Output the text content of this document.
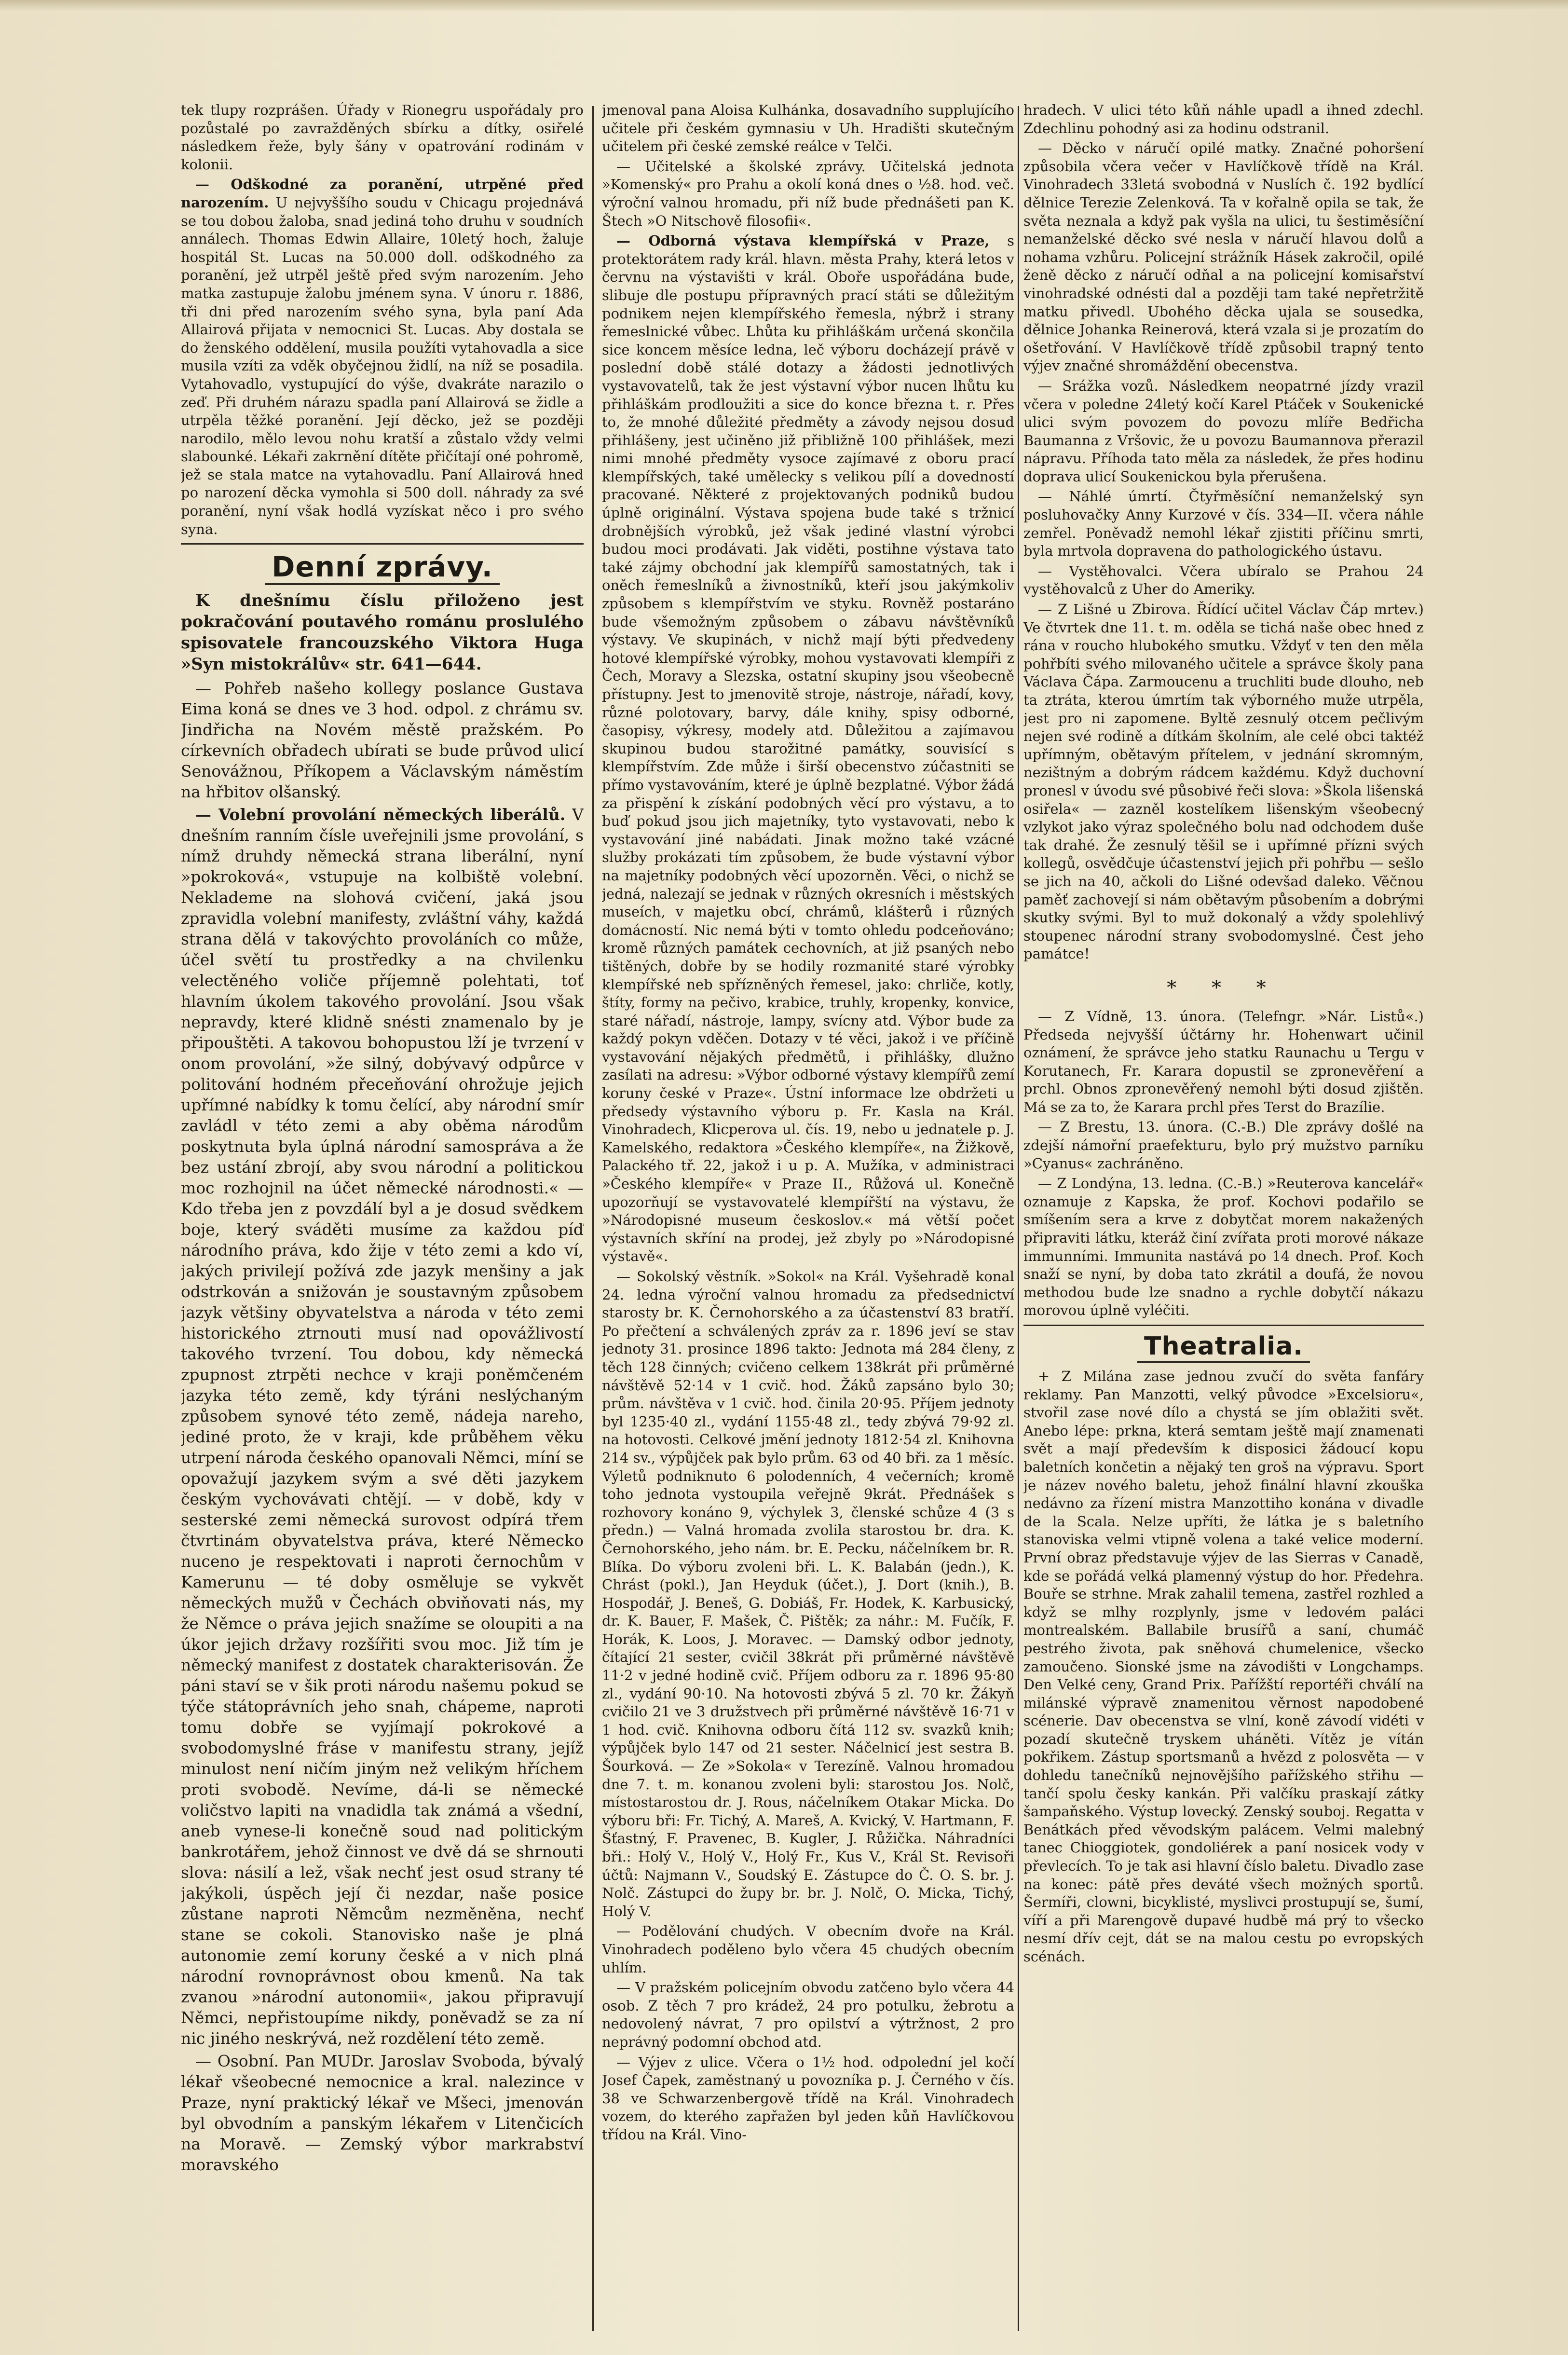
tek tlupy rozprášen. Úřady v Rionegru uspořádaly pro pozůstalé po zavražděných sbírku a dítky, osiřelé následkem řeže, byly šány v opatrování rodinám v kolonii.

— Odškodné za poranění, utrpěné před narozením. U nejvyššího soudu v Chicagu projednává se tou dobou žaloba, snad jediná toho druhu v soudních annálech. Thomas Edwin Allaire, 10letý hoch, žaluje hospitál St. Lucas na 50.000 doll. odškodného za poranění, jež utrpěl ještě před svým narozením. Jeho matka zastupuje žalobu jménem syna. V únoru r. 1886, tři dni před narozením svého syna, byla paní Ada Allairová přijata v nemocnici St. Lucas. Aby dostala se do ženského oddělení, musila použíti vytahovadla a sice musila vzíti za vděk obyčejnou židlí, na níž se posadila. Vytahovadlo, vystupující do výše, dvakráte narazilo o zeď. Při druhém nárazu spadla paní Allairová se židle a utrpěla těžké poranění. Její děcko, jež se později narodilo, mělo levou nohu kratší a zůstalo vždy velmi slabounké. Lékaři zakrnění dítěte přičítají oné pohromě, jež se stala matce na vytahovadlu. Paní Allairová hned po narození děcka vymohla si 500 doll. náhrady za své poranění, nyní však hodlá vyzískat něco i pro svého syna.

Denní zprávy.

K dnešnímu číslu přiloženo jest pokračování poutavého románu proslulého spisovatele francouzského Viktora Huga »Syn mistokrálův« str. 641—644.

— Pohřeb našeho kollegy poslance Gustava Eima koná se dnes ve 3 hod. odpol. z chrámu sv. Jindřicha na Novém městě pražském. Po církevních obřadech ubírati se bude průvod ulicí Senovážnou, Příkopem a Václavským náměstím na hřbitov olšanský.

— Volební provolání německých liberálů. V dnešním ranním čísle uveřejnili jsme provolání, s nímž druhdy německá strana liberální, nyní »pokroková«, vstupuje na kolbiště volební. Neklademe na slohová cvičení, jaká jsou zpravidla volební manifesty, zvláštní váhy, každá strana dělá v takovýchto provoláních co může, účel světí tu prostředky a na chvilenku velectěného voliče příjemně polehtati, toť hlavním úkolem takového provolání. Jsou však nepravdy, které klidně snésti znamenalo by je připouštěti. A takovou bohopustou lží je tvrzení v onom provolání, »že silný, dobývavý odpůrce v politování hodném přeceňování ohrožuje jejich upřímné nabídky k tomu čelící, aby národní smír zavládl v této zemi a aby oběma národům poskytnuta byla úplná národní samospráva a že bez ustání zbrojí, aby svou národní a politickou moc rozhojnil na účet německé národnosti.« — Kdo třeba jen z povzdálí byl a je dosud svědkem boje, který sváděti musíme za každou píď národního práva, kdo žije v této zemi a kdo ví, jakých privilejí požívá zde jazyk menšiny a jak odstrkován a snižován je soustavným způsobem jazyk většiny obyvatelstva a národa v této zemi historického ztrnouti musí nad opovážlivostí takového tvrzení. Tou dobou, kdy německá zpupnost ztrpěti nechce v kraji poněmčeném jazyka této země, kdy týráni neslýchaným způsobem synové této země, nádeja nareho, jediné proto, že v kraji, kde průběhem věku utrpení národa českého opanovali Němci, míní se opovažují jazykem svým a své děti jazykem českým vychovávati chtějí. — v době, kdy v sesterské zemi německá surovost odpírá třem čtvrtinám obyvatelstva práva, které Německo nuceno je respektovati i naproti černochům v Kamerunu — té doby osměluje se vykvět německých mužů v Čechách obviňovati nás, my že Němce o práva jejich snažíme se oloupiti a na úkor jejich državy rozšířiti svou moc. Již tím je německý manifest z dostatek charakterisován. Že páni staví se v šik proti národu našemu pokud se týče státoprávních jeho snah, chápeme, naproti tomu dobře se vyjímají pokrokové a svobodomyslné fráse v manifestu strany, jejíž minulost není ničím jiným než velikým hříchem proti svobodě. Nevíme, dá-li se německé voličstvo lapiti na vnadidla tak známá a všední, aneb vynese-li konečně soud nad politickým bankrotářem, jehož činnost ve dvě dá se shrnouti slova: násilí a lež, však nechť jest osud strany té jakýkoli, úspěch její či nezdar, naše posice zůstane naproti Němcům nezměněna, nechť stane se cokoli. Stanovisko naše je plná autonomie zemí koruny české a v nich plná národní rovnoprávnost obou kmenů. Na tak zvanou »národní autonomii«, jakou připravují Němci, nepřistoupíme nikdy, poněvadž se za ní nic jiného neskrývá, než rozdělení této země.

— Osobní. Pan MUDr. Jaroslav Svoboda, bývalý lékař všeobecné nemocnice a kral. nalezince v Praze, nyní praktický lékař ve Mšeci, jmenován byl obvodním a panským lékařem v Litenčicích na Moravě. — Zemský výbor markrabství moravského

jmenoval pana Aloisa Kulhánka, dosavadního supplujícího učitele při českém gymnasiu v Uh. Hradišti skutečným učitelem při české zemské reálce v Telči.

— Učitelské a školské zprávy. Učitelská jednota »Komenský« pro Prahu a okolí koná dnes o ½8. hod. več. výroční valnou hromadu, při níž bude přednášeti pan K. Štech »O Nitschově filosofii«.

— Odborná výstava klempířská v Praze, s protektorátem rady král. hlavn. města Prahy, která letos v červnu na výstavišti v král. Oboře uspořádána bude, slibuje dle postupu přípravných prací státi se důležitým podnikem nejen klempířského řemesla, nýbrž i strany řemeslnické vůbec. Lhůta ku přihláškám určená skončila sice koncem měsíce ledna, leč výboru docházejí právě v poslední době stálé dotazy a žádosti jednotlivých vystavovatelů, tak že jest výstavní výbor nucen lhůtu ku přihláškám prodloužiti a sice do konce března t. r. Přes to, že mnohé důležité předměty a závody nejsou dosud přihlášeny, jest učiněno již přibližně 100 přihlášek, mezi nimi mnohé předměty vysoce zajímavé z oboru prací klempířských, také umělecky s velikou pílí a dovedností pracované. Některé z projektovaných podniků budou úplně originální. Výstava spojena bude také s tržnicí drobnějších výrobků, jež však jediné vlastní výrobci budou moci prodávati. Jak viděti, postihne výstava tato také zájmy obchodní jak klempířů samostatných, tak i oněch řemeslníků a živnostníků, kteří jsou jakýmkoliv způsobem s klempířstvím ve styku. Rovněž postaráno bude všemožným způsobem o zábavu návštěvníků výstavy. Ve skupinách, v nichž mají býti předvedeny hotové klempířské výrobky, mohou vystavovati klempíři z Čech, Moravy a Slezska, ostatní skupiny jsou všeobecně přístupny. Jest to jmenovitě stroje, nástroje, nářadí, kovy, různé polotovary, barvy, dále knihy, spisy odborné, časopisy, výkresy, modely atd. Důležitou a zajímavou skupinou budou starožitné památky, souvisící s klempířstvím. Zde může i širší obecenstvo zúčastniti se přímo vystavováním, které je úplně bezplatné. Výbor žádá za přispění k získání podobných věcí pro výstavu, a to buď pokud jsou jich majetníky, tyto vystavovati, nebo k vystavování jiné nabádati. Jinak možno také vzácné služby prokázati tím způsobem, že bude výstavní výbor na majetníky podobných věcí upozorněn. Věci, o nichž se jedná, nalezají se jednak v různých okresních i městských museích, v majetku obcí, chrámů, klášterů i různých domácností. Nic nemá býti v tomto ohledu podceňováno; kromě různých památek cechovních, at již psaných nebo tištěných, dobře by se hodily rozmanité staré výrobky klempířské neb spřízněných řemesel, jako: chrliče, kotly, štíty, formy na pečivo, krabice, truhly, kropenky, konvice, staré nářadí, nástroje, lampy, svícny atd. Výbor bude za každý pokyn vděčen. Dotazy v té věci, jakož i ve příčině vystavování nějakých předmětů, i přihlášky, dlužno zasílati na adresu: »Výbor odborné výstavy klempířů zemí koruny české v Praze«. Ústní informace lze obdržeti u předsedy výstavního výboru p. Fr. Kasla na Král. Vinohradech, Klicperova ul. čís. 19, nebo u jednatele p. J. Kamelského, redaktora »Českého klempíře«, na Žižkově, Palackého tř. 22, jakož i u p. A. Mužíka, v administraci »Českého klempíře« v Praze II., Růžová ul. Konečně upozorňují se vystavovatelé klempířští na výstavu, že »Národopisné museum českoslov.« má větší počet výstavních skříní na prodej, jež zbyly po »Národopisné výstavě«.

— Sokolský věstník. »Sokol« na Král. Vyšehradě konal 24. ledna výroční valnou hromadu za předsednictví starosty br. K. Černohorského a za účastenství 83 bratří. Po přečtení a schválených zpráv za r. 1896 jeví se stav jednoty 31. prosince 1896 takto: Jednota má 284 členy, z těch 128 činných; cvičeno celkem 138krát při průměrné návštěvě 52·14 v 1 cvič. hod. Žáků zapsáno bylo 30; prům. návštěva v 1 cvič. hod. činila 20·95. Příjem jednoty byl 1235·40 zl., vydání 1155·48 zl., tedy zbývá 79·92 zl. na hotovosti. Celkové jmění jednoty 1812·54 zl. Knihovna 214 sv., výpůjček pak bylo prům. 63 od 40 bři. za 1 měsíc. Výletů podniknuto 6 polodenních, 4 večerních; kromě toho jednota vystoupila veřejně 9krát. Přednášek s rozhovory konáno 9, výchylek 3, členské schůze 4 (3 s předn.) — Valná hromada zvolila starostou br. dra. K. Černohorského, jeho nám. br. E. Pecku, náčelníkem br. R. Blíka. Do výboru zvoleni bři. L. K. Balabán (jedn.), K. Chrást (pokl.), Jan Heyduk (účet.), J. Dort (knih.), B. Hospodář, J. Beneš, G. Dobiáš, Fr. Hodek, K. Karbusický, dr. K. Bauer, F. Mašek, Č. Pištěk; za náhr.: M. Fučík, F. Horák, K. Loos, J. Moravec. — Damský odbor jednoty, čítající 21 sester, cvičil 38krát při průměrné návštěvě 11·2 v jedné hodině cvič. Příjem odboru za r. 1896 95·80 zl., vydání 90·10. Na hotovosti zbývá 5 zl. 70 kr. Žákyň cvičilo 21 ve 3 družstvech při průměrné návštěvě 16·71 v 1 hod. cvič. Knihovna odboru čítá 112 sv. svazků knih; výpůjček bylo 147 od 21 sester. Náčelnicí jest sestra B. Šourková. — Ze »Sokola« v Terezíně. Valnou hromadou dne 7. t. m. konanou zvoleni byli: starostou Jos. Nolč, místostarostou dr. J. Rous, náčelníkem Otakar Micka. Do výboru bři: Fr. Tichý, A. Mareš, A. Kvický, V. Hartmann, F. Šťastný, F. Pravenec, B. Kugler, J. Růžička. Náhradníci bři.: Holý V., Holý V., Holý Fr., Kus V., Král St. Revisoři účtů: Najmann V., Soudský E. Zástupce do Č. O. S. br. J. Nolč. Zástupci do župy br. br. J. Nolč, O. Micka, Tichý, Holý V.

— Podělování chudých. V obecním dvoře na Král. Vinohradech poděleno bylo včera 45 chudých obecním uhlím.

— V pražském policejním obvodu zatčeno bylo včera 44 osob. Z těch 7 pro krádež, 24 pro potulku, žebrotu a nedovolený návrat, 7 pro opilství a výtržnost, 2 pro neprávný podomní obchod atd.

— Výjev z ulice. Včera o 1½ hod. odpolední jel kočí Josef Čapek, zaměstnaný u povozníka p. J. Černého v čís. 38 ve Schwarzenbergově třídě na Král. Vinohradech vozem, do kterého zapřažen byl jeden kůň Havlíčkovou třídou na Král. Vino-

hradech. V ulici této kůň náhle upadl a ihned zdechl. Zdechlinu pohodný asi za hodinu odstranil.

— Děcko v náručí opilé matky. Značné pohoršení způsobila včera večer v Havlíčkově třídě na Král. Vinohradech 33letá svobodná v Nuslích č. 192 bydlící dělnice Terezie Zelenková. Ta v kořalně opila se tak, že světa neznala a když pak vyšla na ulici, tu šestiměsíční nemanželské děcko své nesla v náručí hlavou dolů a nohama vzhůru. Policejní strážník Hásek zakročil, opilé ženě děcko z náručí odňal a na policejní komisařství vinohradské odnésti dal a později tam také nepřetržitě matku přivedl. Ubohého děcka ujala se sousedka, dělnice Johanka Reinerová, která vzala si je prozatím do ošetřování. V Havlíčkově třídě způsobil trapný tento výjev značné shromáždění obecenstva.

— Srážka vozů. Následkem neopatrné jízdy vrazil včera v poledne 24letý kočí Karel Ptáček v Soukenické ulici svým povozem do povozu mlíře Bedřicha Baumanna z Vršovic, že u povozu Baumannova přerazil nápravu. Příhoda tato měla za následek, že přes hodinu doprava ulicí Soukenickou byla přerušena.

— Náhlé úmrtí. Čtyřměsíční nemanželský syn posluhovačky Anny Kurzové v čís. 334—II. včera náhle zemřel. Poněvadž nemohl lékař zjistiti příčinu smrti, byla mrtvola dopravena do pathologického ústavu.

— Vystěhovalci. Včera ubíralo se Prahou 24 vystěhovalců z Uher do Ameriky.

— Z Lišné u Zbirova. Řídící učitel Václav Čáp mrtev.) Ve čtvrtek dne 11. t. m. oděla se tichá naše obec hned z rána v roucho hlubokého smutku. Vždyť v ten den měla pohřbíti svého milovaného učitele a správce školy pana Václava Čápa. Zarmoucenu a truchliti bude dlouho, neb ta ztráta, kterou úmrtím tak výborného muže utrpěla, jest pro ni zapomene. Byltě zesnulý otcem pečlivým nejen své rodině a dítkám školním, ale celé obci taktéž upřímným, obětavým přítelem, v jednání skromným, nezištným a dobrým rádcem každému. Když duchovní pronesl v úvodu své působivé řeči slova: »Škola lišenská osiřela« — zazněl kostelíkem lišenským všeobecný vzlykot jako výraz společného bolu nad odchodem duše tak drahé. Že zesnulý těšil se i upřímné přízni svých kollegů, osvědčuje účastenství jejich při pohřbu — sešlo se jich na 40, ačkoli do Lišné odevšad daleko. Věčnou paměť zachovejí si nám obětavým působením a dobrými skutky svými. Byl to muž dokonalý a vždy spolehlivý stoupenec národní strany svobodomyslné. Čest jeho památce!

* * *

— Z Vídně, 13. února. (Telefngr. »Nár. Listů«.) Předseda nejvyšší účtárny hr. Hohenwart učinil oznámení, že správce jeho statku Raunachu u Tergu v Korutanech, Fr. Karara dopustil se zpronevěření a prchl. Obnos zpronevěřený nemohl býti dosud zjištěn. Má se za to, že Karara prchl přes Terst do Brazílie.

— Z Brestu, 13. února. (C.-B.) Dle zprávy došlé na zdejší námořní praefekturu, bylo prý mužstvo parníku »Cyanus« zachráněno.

— Z Londýna, 13. ledna. (C.-B.) »Reuterova kancelář« oznamuje z Kapska, že prof. Kochovi podařilo se smíšením sera a krve z dobytčat morem nakažených připraviti látku, kteráž činí zvířata proti morové nákaze immunními. Immunita nastává po 14 dnech. Prof. Koch snaží se nyní, by doba tato zkrátil a doufá, že novou methodou bude lze snadno a rychle dobytčí nákazu morovou úplně vyléčiti.

Theatralia.

+ Z Milána zase jednou zvučí do světa fanfáry reklamy. Pan Manzotti, velký původce »Excelsioru«, stvořil zase nové dílo a chystá se jím oblažiti svět. Anebo lépe: prkna, která semtam ještě mají znamenati svět a mají především k disposici žádoucí kopu baletních končetin a nějaký ten groš na výpravu. Sport je název nového baletu, jehož finální hlavní zkouška nedávno za řízení mistra Manzottiho konána v divadle de la Scala. Nelze upříti, že látka je s baletního stanoviska velmi vtipně volena a také velice moderní. První obraz představuje výjev de las Sierras v Canadě, kde se pořádá velká plamenný výstup do hor. Předehra. Bouře se strhne. Mrak zahalil temena, zastřel rozhled a když se mlhy rozplynly, jsme v ledovém paláci montrealském. Ballabile brusířů a saní, chumáč pestrého života, pak sněhová chumelenice, všecko zamoučeno. Sionské jsme na závodišti v Longchamps. Den Velké ceny, Grand Prix. Pařížští reportéři chválí na milánské výpravě znamenitou věrnost napodobené scénerie. Dav obecenstva se vlní, koně závodí vidéti v pozadí skutečně tryskem uháněti. Vítěz je vítán pokřikem. Zástup sportsmanů a hvězd z polosvěta — v dohledu tanečníků nejnovějšího pařížského střihu — tančí spolu česky kankán. Při valčíku praskají zátky šampaňského. Výstup lovecký. Zenský souboj. Regatta v Benátkách před věvodským palácem. Velmi malebný tanec Chioggiotek, gondoliérek a paní nosicek vody v převlecích. To je tak asi hlavní číslo baletu. Divadlo zase na konec: pátě přes deváté všech možných sportů. Šermíři, clowni, bicyklisté, myslivci prostupují se, šumí, víří a při Marengově dupavé hudbě má prý to všecko nesmí dřív cejt, dát se na malou cestu po evropských scénách.
